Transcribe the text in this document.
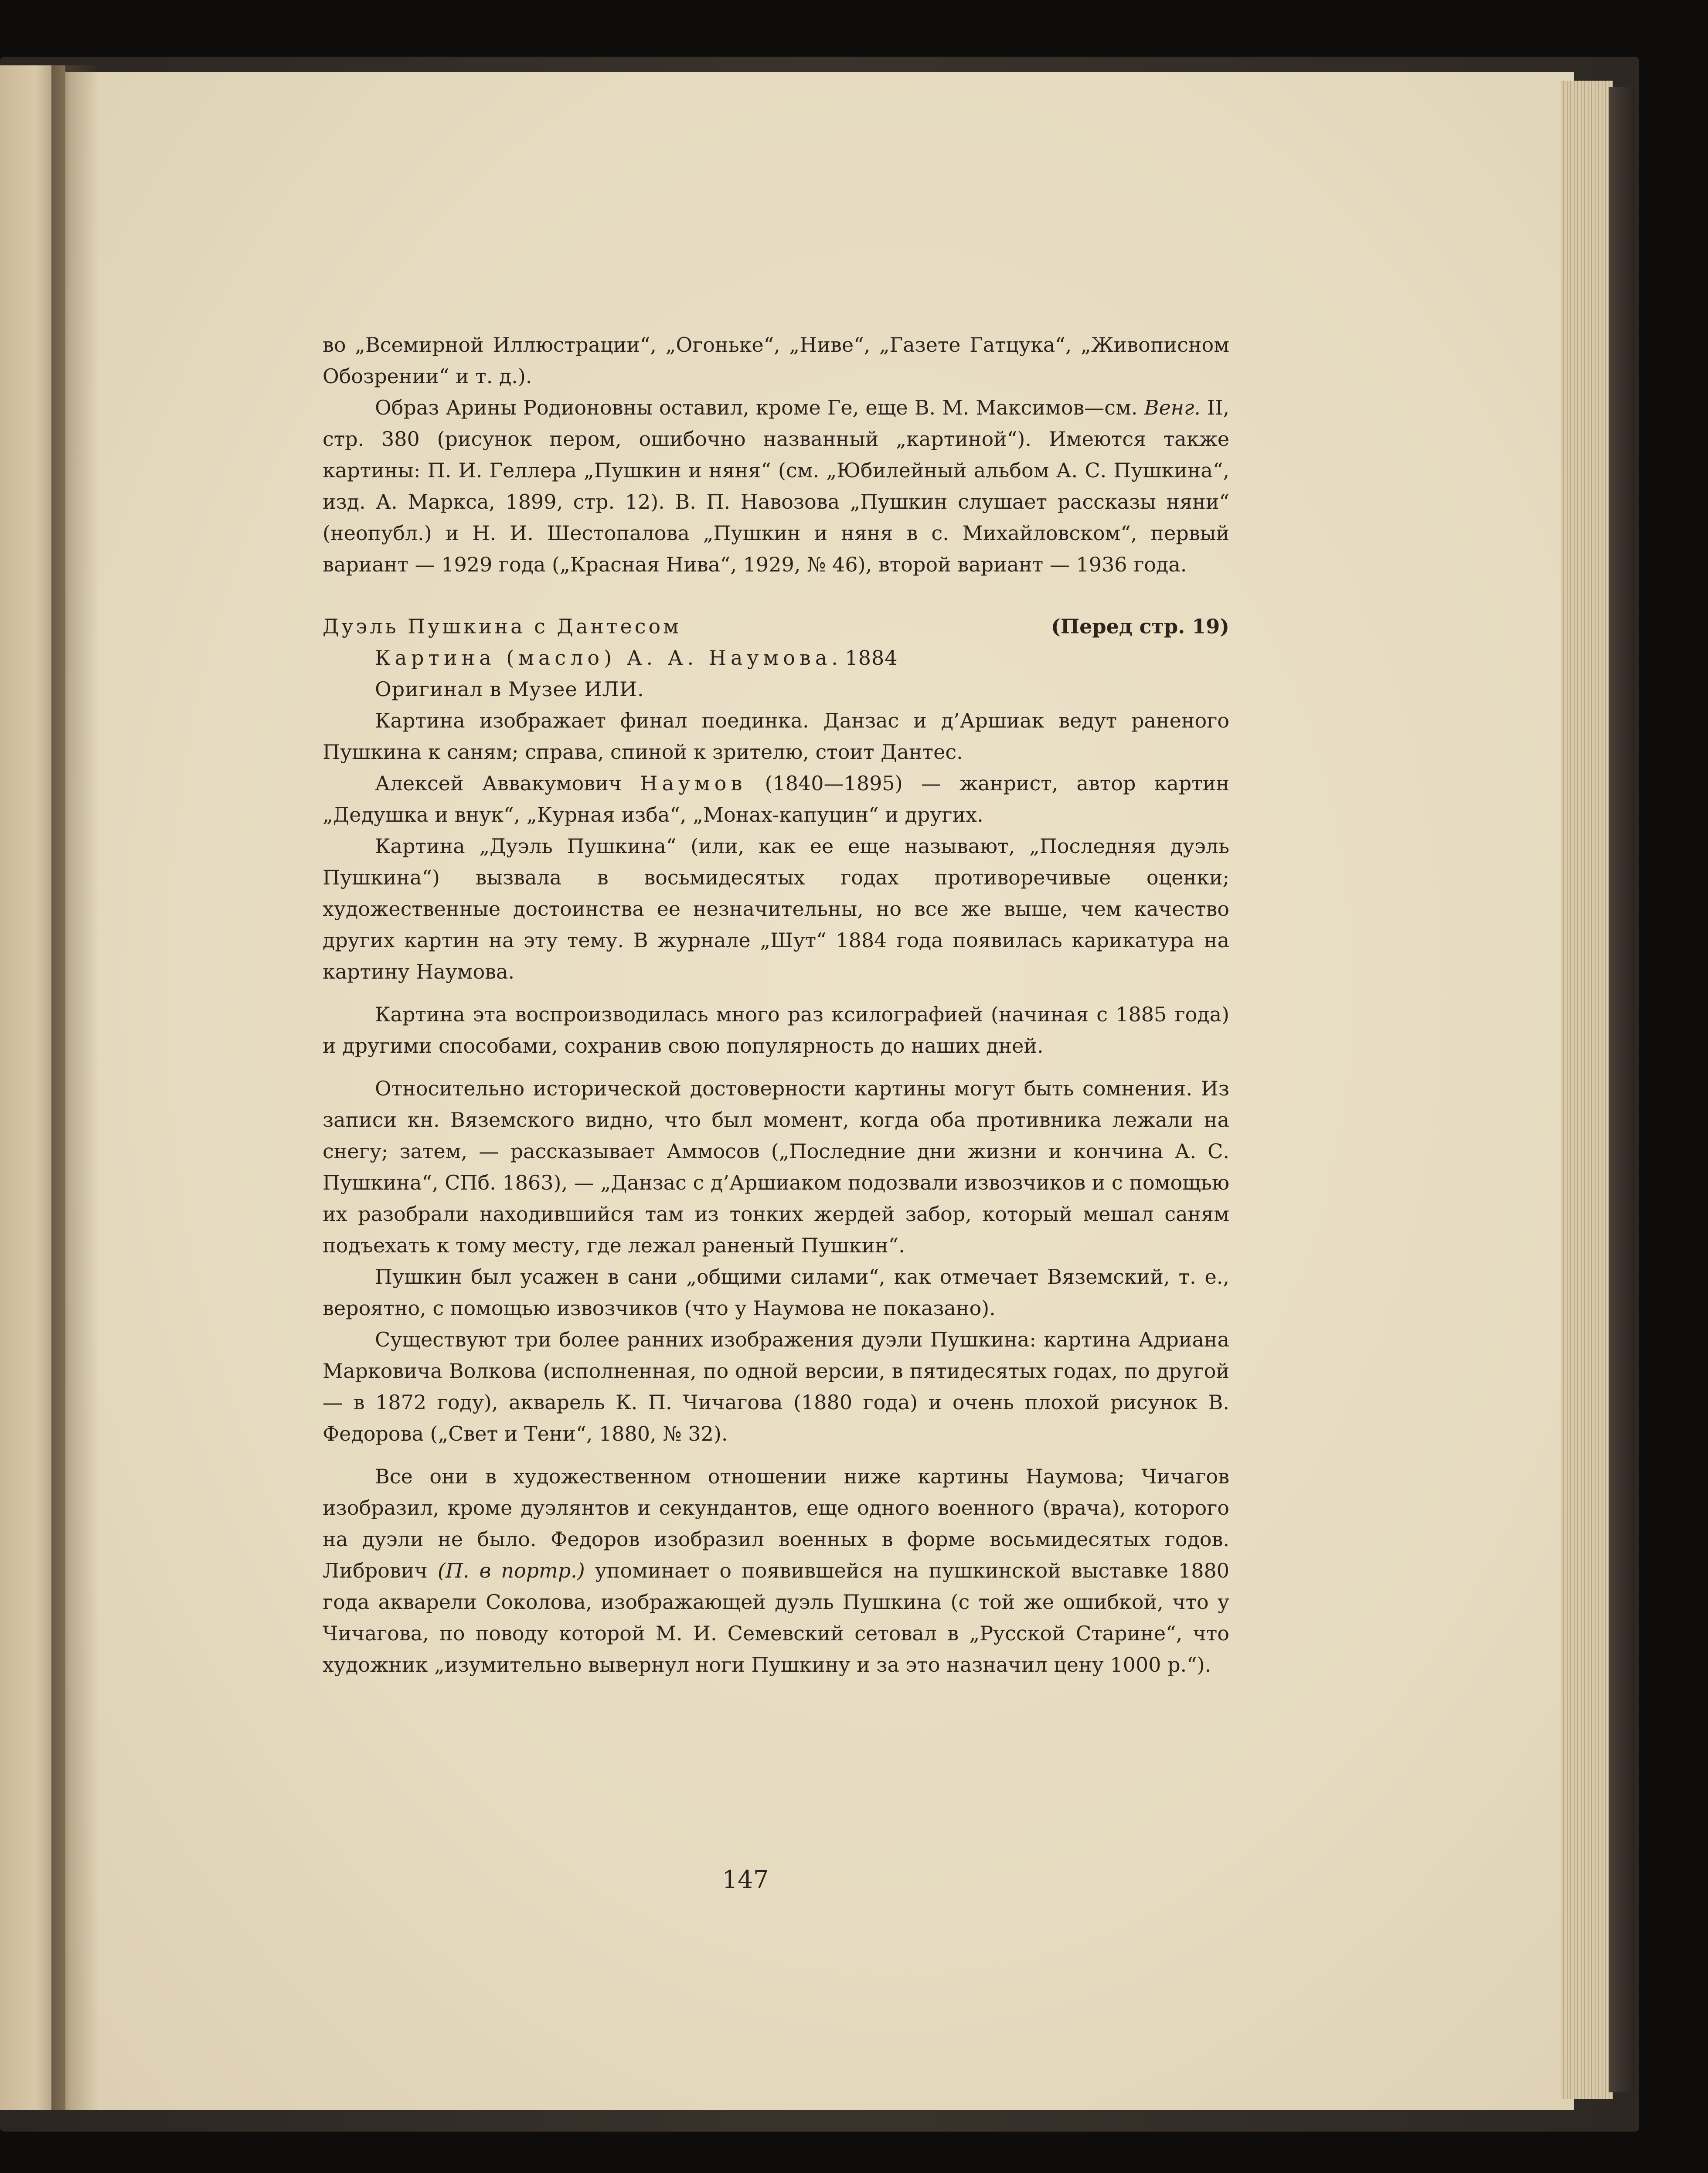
во „Всемирной Иллюстрации“, „Огоньке“, „Ниве“, „Газете Гатцука“, „Живописном Обозрении“ и т. д.).

Образ Арины Родионовны оставил, кроме Ге, еще В. М. Максимов—см. Венг. II, стр. 380 (рисунок пером, ошибочно названный „картиной“). Имеются также картины: П. И. Геллера „Пушкин и няня“ (см. „Юбилейный альбом А. С. Пушкина“, изд. А. Маркса, 1899, стр. 12). В. П. Навозова „Пушкин слушает рассказы няни“ (неопубл.) и Н. И. Шестопалова „Пушкин и няня в с. Михайловском“, первый вариант — 1929 года („Красная Нива“, 1929, № 46), второй вариант — 1936 года.

Дуэль Пушкина с Дантесом	(Перед стр. 19)

Картина (масло) А. А. Наумова. 1884

Оригинал в Музее ИЛИ.

Картина изображает финал поединка. Данзас и д’Аршиак ведут раненого Пушкина к саням; справа, спиной к зрителю, стоит Дантес.

Алексей Аввакумович Наумов (1840—1895) — жанрист, автор картин „Дедушка и внук“, „Курная изба“, „Монах-капуцин“ и других.

Картина „Дуэль Пушкина“ (или, как ее еще называют, „Последняя дуэль Пушкина“) вызвала в восьмидесятых годах противоречивые оценки; художественные достоинства ее незначительны, но все же выше, чем качество других картин на эту тему. В журнале „Шут“ 1884 года появилась карикатура на картину Наумова.

Картина эта воспроизводилась много раз ксилографией (начиная с 1885 года) и другими способами, сохранив свою популярность до наших дней.

Относительно исторической достоверности картины могут быть сомнения. Из записи кн. Вяземского видно, что был момент, когда оба противника лежали на снегу; затем, — рассказывает Аммосов („Последние дни жизни и кончина А. С. Пушкина“, СПб. 1863), — „Данзас с д’Аршиаком подозвали извозчиков и с помощью их разобрали находившийся там из тонких жердей забор, который мешал саням подъехать к тому месту, где лежал раненый Пушкин“.

Пушкин был усажен в сани „общими силами“, как отмечает Вяземский, т. е., вероятно, с помощью извозчиков (что у Наумова не показано).

Существуют три более ранних изображения дуэли Пушкина: картина Адриана Марковича Волкова (исполненная, по одной версии, в пятидесятых годах, по другой — в 1872 году), акварель К. П. Чичагова (1880 года) и очень плохой рисунок В. Федорова („Свет и Тени“, 1880, № 32).

Все они в художественном отношении ниже картины Наумова; Чичагов изобразил, кроме дуэлянтов и секундантов, еще одного военного (врача), которого на дуэли не было. Федоров изобразил военных в форме восьмидесятых годов. Либрович (П. в портр.) упоминает о появившейся на пушкинской выставке 1880 года акварели Соколова, изображающей дуэль Пушкина (с той же ошибкой, что у Чичагова, по поводу которой М. И. Семевский сетовал в „Русской Старине“, что художник „изумительно вывернул ноги Пушкину и за это назначил цену 1000 р.“).

147
